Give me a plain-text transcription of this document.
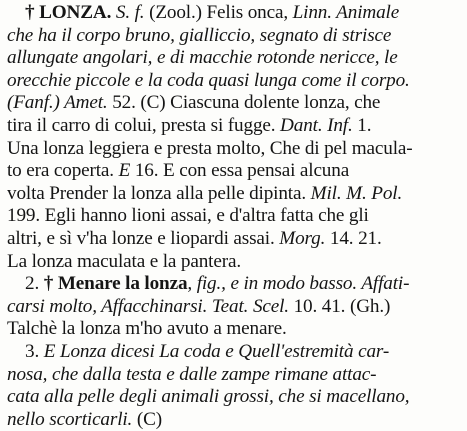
† LONZA. S. f. (Zool.) Felis onca, Linn. Animale
che ha il corpo bruno, gialliccio, segnato di strisce
allungate angolari, e di macchie rotonde nericce, le
orecchie piccole e la coda quasi lunga come il corpo.
(Fanf.) Amet. 52. (C) Ciascuna dolente lonza, che
tira il carro di colui, presta si fugge. Dant. Inf. 1.
Una lonza leggiera e presta molto, Che di pel macula-
to era coperta. E 16. E con essa pensai alcuna
volta Prender la lonza alla pelle dipinta. Mil. M. Pol.
199. Egli hanno lioni assai, e d'altra fatta che gli
altri, e sì v'ha lonze e liopardi assai. Morg. 14. 21.
La lonza maculata e la pantera.
2. † Menare la lonza, fig., e in modo basso. Affati-
carsi molto, Affacchinarsi. Teat. Scel. 10. 41. (Gh.)
Talchè la lonza m'ho avuto a menare.
3. E Lonza dicesi La coda e Quell'estremità car-
nosa, che dalla testa e dalle zampe rimane attac-
cata alla pelle degli animali grossi, che si macellano,
nello scorticarli. (C)
